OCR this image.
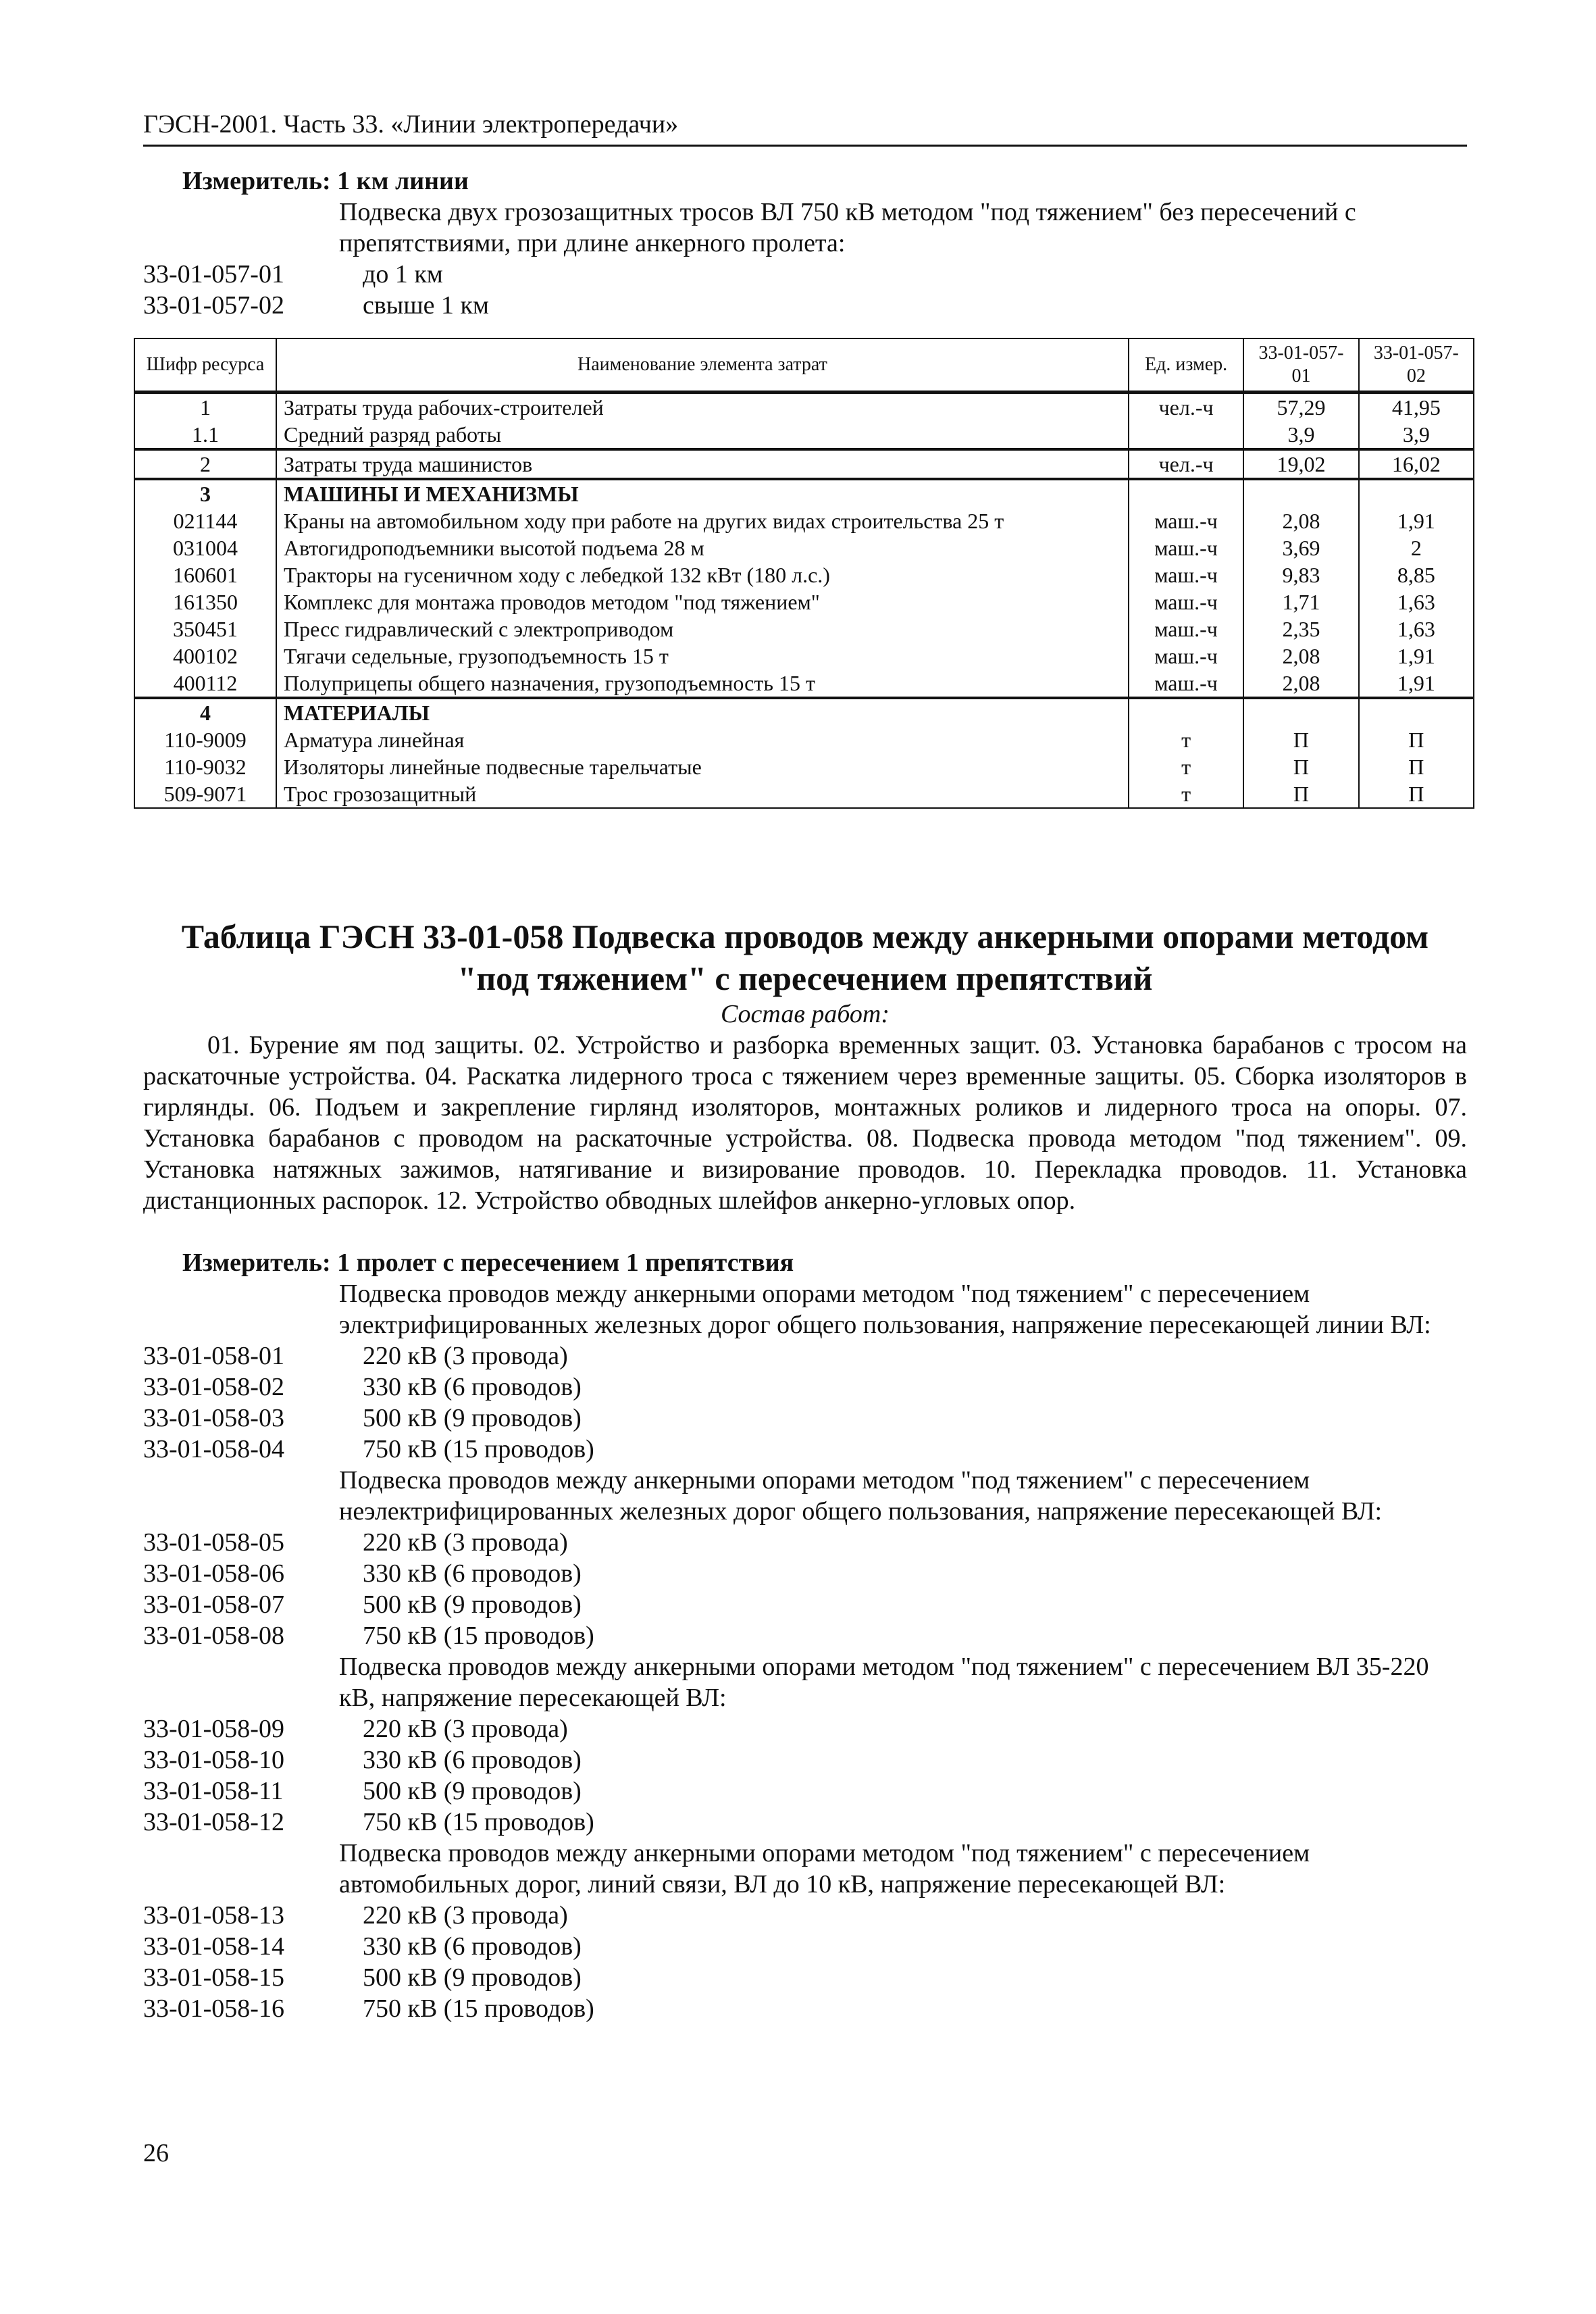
ГЭСН-2001. Часть 33. «Линии электропередачи»
Измеритель: 1 км линии
Подвеска двух грозозащитных тросов ВЛ 750 кВ методом "под тяжением" без пересечений с препятствиями, при длине анкерного пролета:
33-01-057-01	до 1 км
33-01-057-02	свыше 1 км
Шифр ресурса	Наименование элемента затрат	Ед. измер.	33-01-057-01	33-01-057-02
1	Затраты труда рабочих-строителей	чел.-ч	57,29	41,95
1.1	Средний разряд работы		3,9	3,9
2	Затраты труда машинистов	чел.-ч	19,02	16,02
3	МАШИНЫ И МЕХАНИЗМЫ			
021144	Краны на автомобильном ходу при работе на других видах строительства 25 т	маш.-ч	2,08	1,91
031004	Автогидроподъемники высотой подъема 28 м	маш.-ч	3,69	2
160601	Тракторы на гусеничном ходу с лебедкой 132 кВт (180 л.с.)	маш.-ч	9,83	8,85
161350	Комплекс для монтажа проводов методом "под тяжением"	маш.-ч	1,71	1,63
350451	Пресс гидравлический с электроприводом	маш.-ч	2,35	1,63
400102	Тягачи седельные, грузоподъемность 15 т	маш.-ч	2,08	1,91
400112	Полуприцепы общего назначения, грузоподъемность 15 т	маш.-ч	2,08	1,91
4	МАТЕРИАЛЫ			
110-9009	Арматура линейная	т	П	П
110-9032	Изоляторы линейные подвесные тарельчатые	т	П	П
509-9071	Трос грозозащитный	т	П	П
Таблица ГЭСН 33-01-058 Подвеска проводов между анкерными опорами методом "под тяжением" с пересечением препятствий
Состав работ:
01. Бурение ям под защиты. 02. Устройство и разборка временных защит. 03. Установка барабанов с тросом на раскаточные устройства. 04. Раскатка лидерного троса с тяжением через временные защиты. 05. Сборка изоляторов в гирлянды. 06. Подъем и закрепление гирлянд изоляторов, монтажных роликов и лидерного троса на опоры. 07. Установка барабанов с проводом на раскаточные устройства. 08. Подвеска провода методом "под тяжением". 09. Установка натяжных зажимов, натягивание и визирование проводов. 10. Перекладка проводов. 11. Установка дистанционных распорок. 12. Устройство обводных шлейфов анкерно-угловых опор.
Измеритель: 1 пролет с пересечением 1 препятствия
Подвеска проводов между анкерными опорами методом "под тяжением" с пересечением электрифицированных железных дорог общего пользования, напряжение пересекающей линии ВЛ:
33-01-058-01	220 кВ (3 провода)
33-01-058-02	330 кВ (6 проводов)
33-01-058-03	500 кВ (9 проводов)
33-01-058-04	750 кВ (15 проводов)
Подвеска проводов между анкерными опорами методом "под тяжением" с пересечением неэлектрифицированных железных дорог общего пользования, напряжение пересекающей ВЛ:
33-01-058-05	220 кВ (3 провода)
33-01-058-06	330 кВ (6 проводов)
33-01-058-07	500 кВ (9 проводов)
33-01-058-08	750 кВ (15 проводов)
Подвеска проводов между анкерными опорами методом "под тяжением" с пересечением ВЛ 35-220 кВ, напряжение пересекающей ВЛ:
33-01-058-09	220 кВ (3 провода)
33-01-058-10	330 кВ (6 проводов)
33-01-058-11	500 кВ (9 проводов)
33-01-058-12	750 кВ (15 проводов)
Подвеска проводов между анкерными опорами методом "под тяжением" с пересечением автомобильных дорог, линий связи, ВЛ до 10 кВ, напряжение пересекающей ВЛ:
33-01-058-13	220 кВ (3 провода)
33-01-058-14	330 кВ (6 проводов)
33-01-058-15	500 кВ (9 проводов)
33-01-058-16	750 кВ (15 проводов)
26
